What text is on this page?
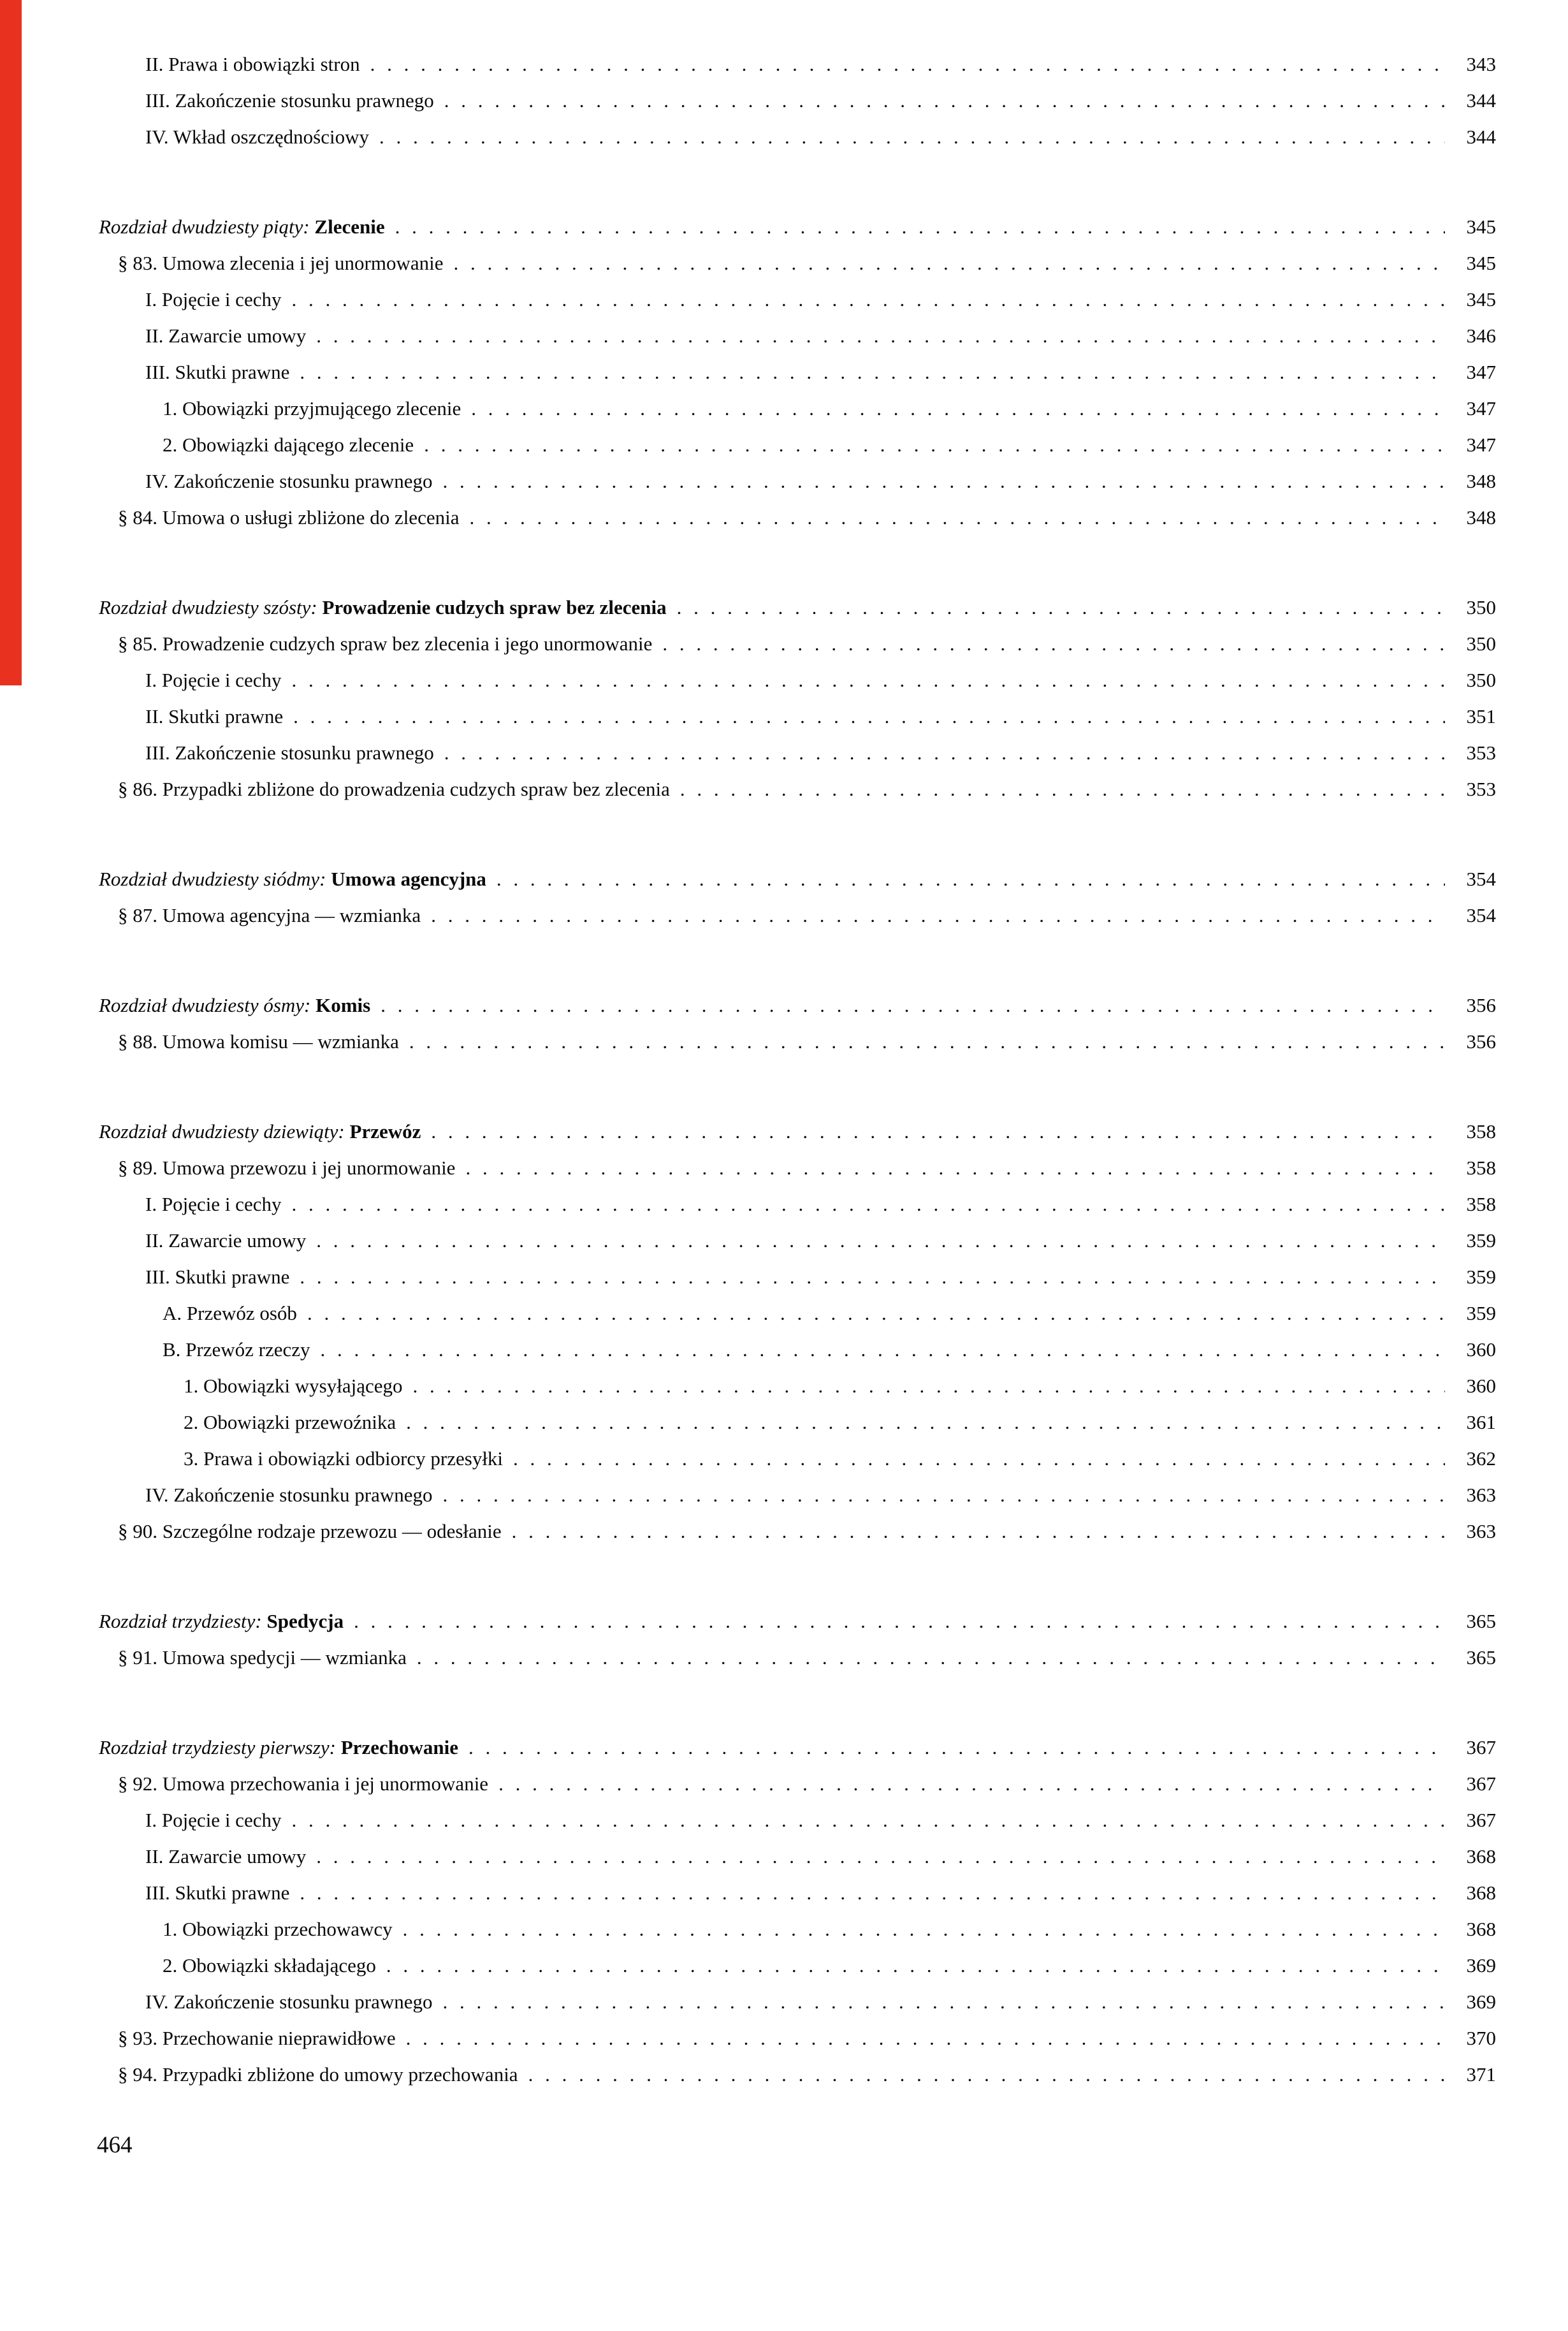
II. Prawa i obowiązki stron . . .	343
III. Zakończenie stosunku prawnego . . .	344
IV. Wkład oszczędnościowy . . .	344
Rozdział dwudziesty piąty: Zlecenie . . .	345
§ 83. Umowa zlecenia i jej unormowanie . . .	345
I. Pojęcie i cechy . . .	345
II. Zawarcie umowy . . .	346
III. Skutki prawne . . .	347
1. Obowiązki przyjmującego zlecenie . . .	347
2. Obowiązki dającego zlecenie . . .	347
IV. Zakończenie stosunku prawnego . . .	348
§ 84. Umowa o usługi zbliżone do zlecenia . . .	348
Rozdział dwudziesty szósty: Prowadzenie cudzych spraw bez zlecenia . . .	350
§ 85. Prowadzenie cudzych spraw bez zlecenia i jego unormowanie . . .	350
I. Pojęcie i cechy . . .	350
II. Skutki prawne . . .	351
III. Zakończenie stosunku prawnego . . .	353
§ 86. Przypadki zbliżone do prowadzenia cudzych spraw bez zlecenia . . .	353
Rozdział dwudziesty siódmy: Umowa agencyjna . . .	354
§ 87. Umowa agencyjna — wzmianka . . .	354
Rozdział dwudziesty ósmy: Komis . . .	356
§ 88. Umowa komisu — wzmianka . . .	356
Rozdział dwudziesty dziewiąty: Przewóz . . .	358
§ 89. Umowa przewozu i jej unormowanie . . .	358
I. Pojęcie i cechy . . .	358
II. Zawarcie umowy . . .	359
III. Skutki prawne . . .	359
A. Przewóz osób . . .	359
B. Przewóz rzeczy . . .	360
1. Obowiązki wysyłającego . . .	360
2. Obowiązki przewoźnika . . .	361
3. Prawa i obowiązki odbiorcy przesyłki . . .	362
IV. Zakończenie stosunku prawnego . . .	363
§ 90. Szczególne rodzaje przewozu — odesłanie . . .	363
Rozdział trzydziesty: Spedycja . . .	365
§ 91. Umowa spedycji — wzmianka . . .	365
Rozdział trzydziesty pierwszy: Przechowanie . . .	367
§ 92. Umowa przechowania i jej unormowanie . . .	367
I. Pojęcie i cechy . . .	367
II. Zawarcie umowy . . .	368
III. Skutki prawne . . .	368
1. Obowiązki przechowawcy . . .	368
2. Obowiązki składającego . . .	369
IV. Zakończenie stosunku prawnego . . .	369
§ 93. Przechowanie nieprawidłowe . . .	370
§ 94. Przypadki zbliżone do umowy przechowania . . .	371
464
